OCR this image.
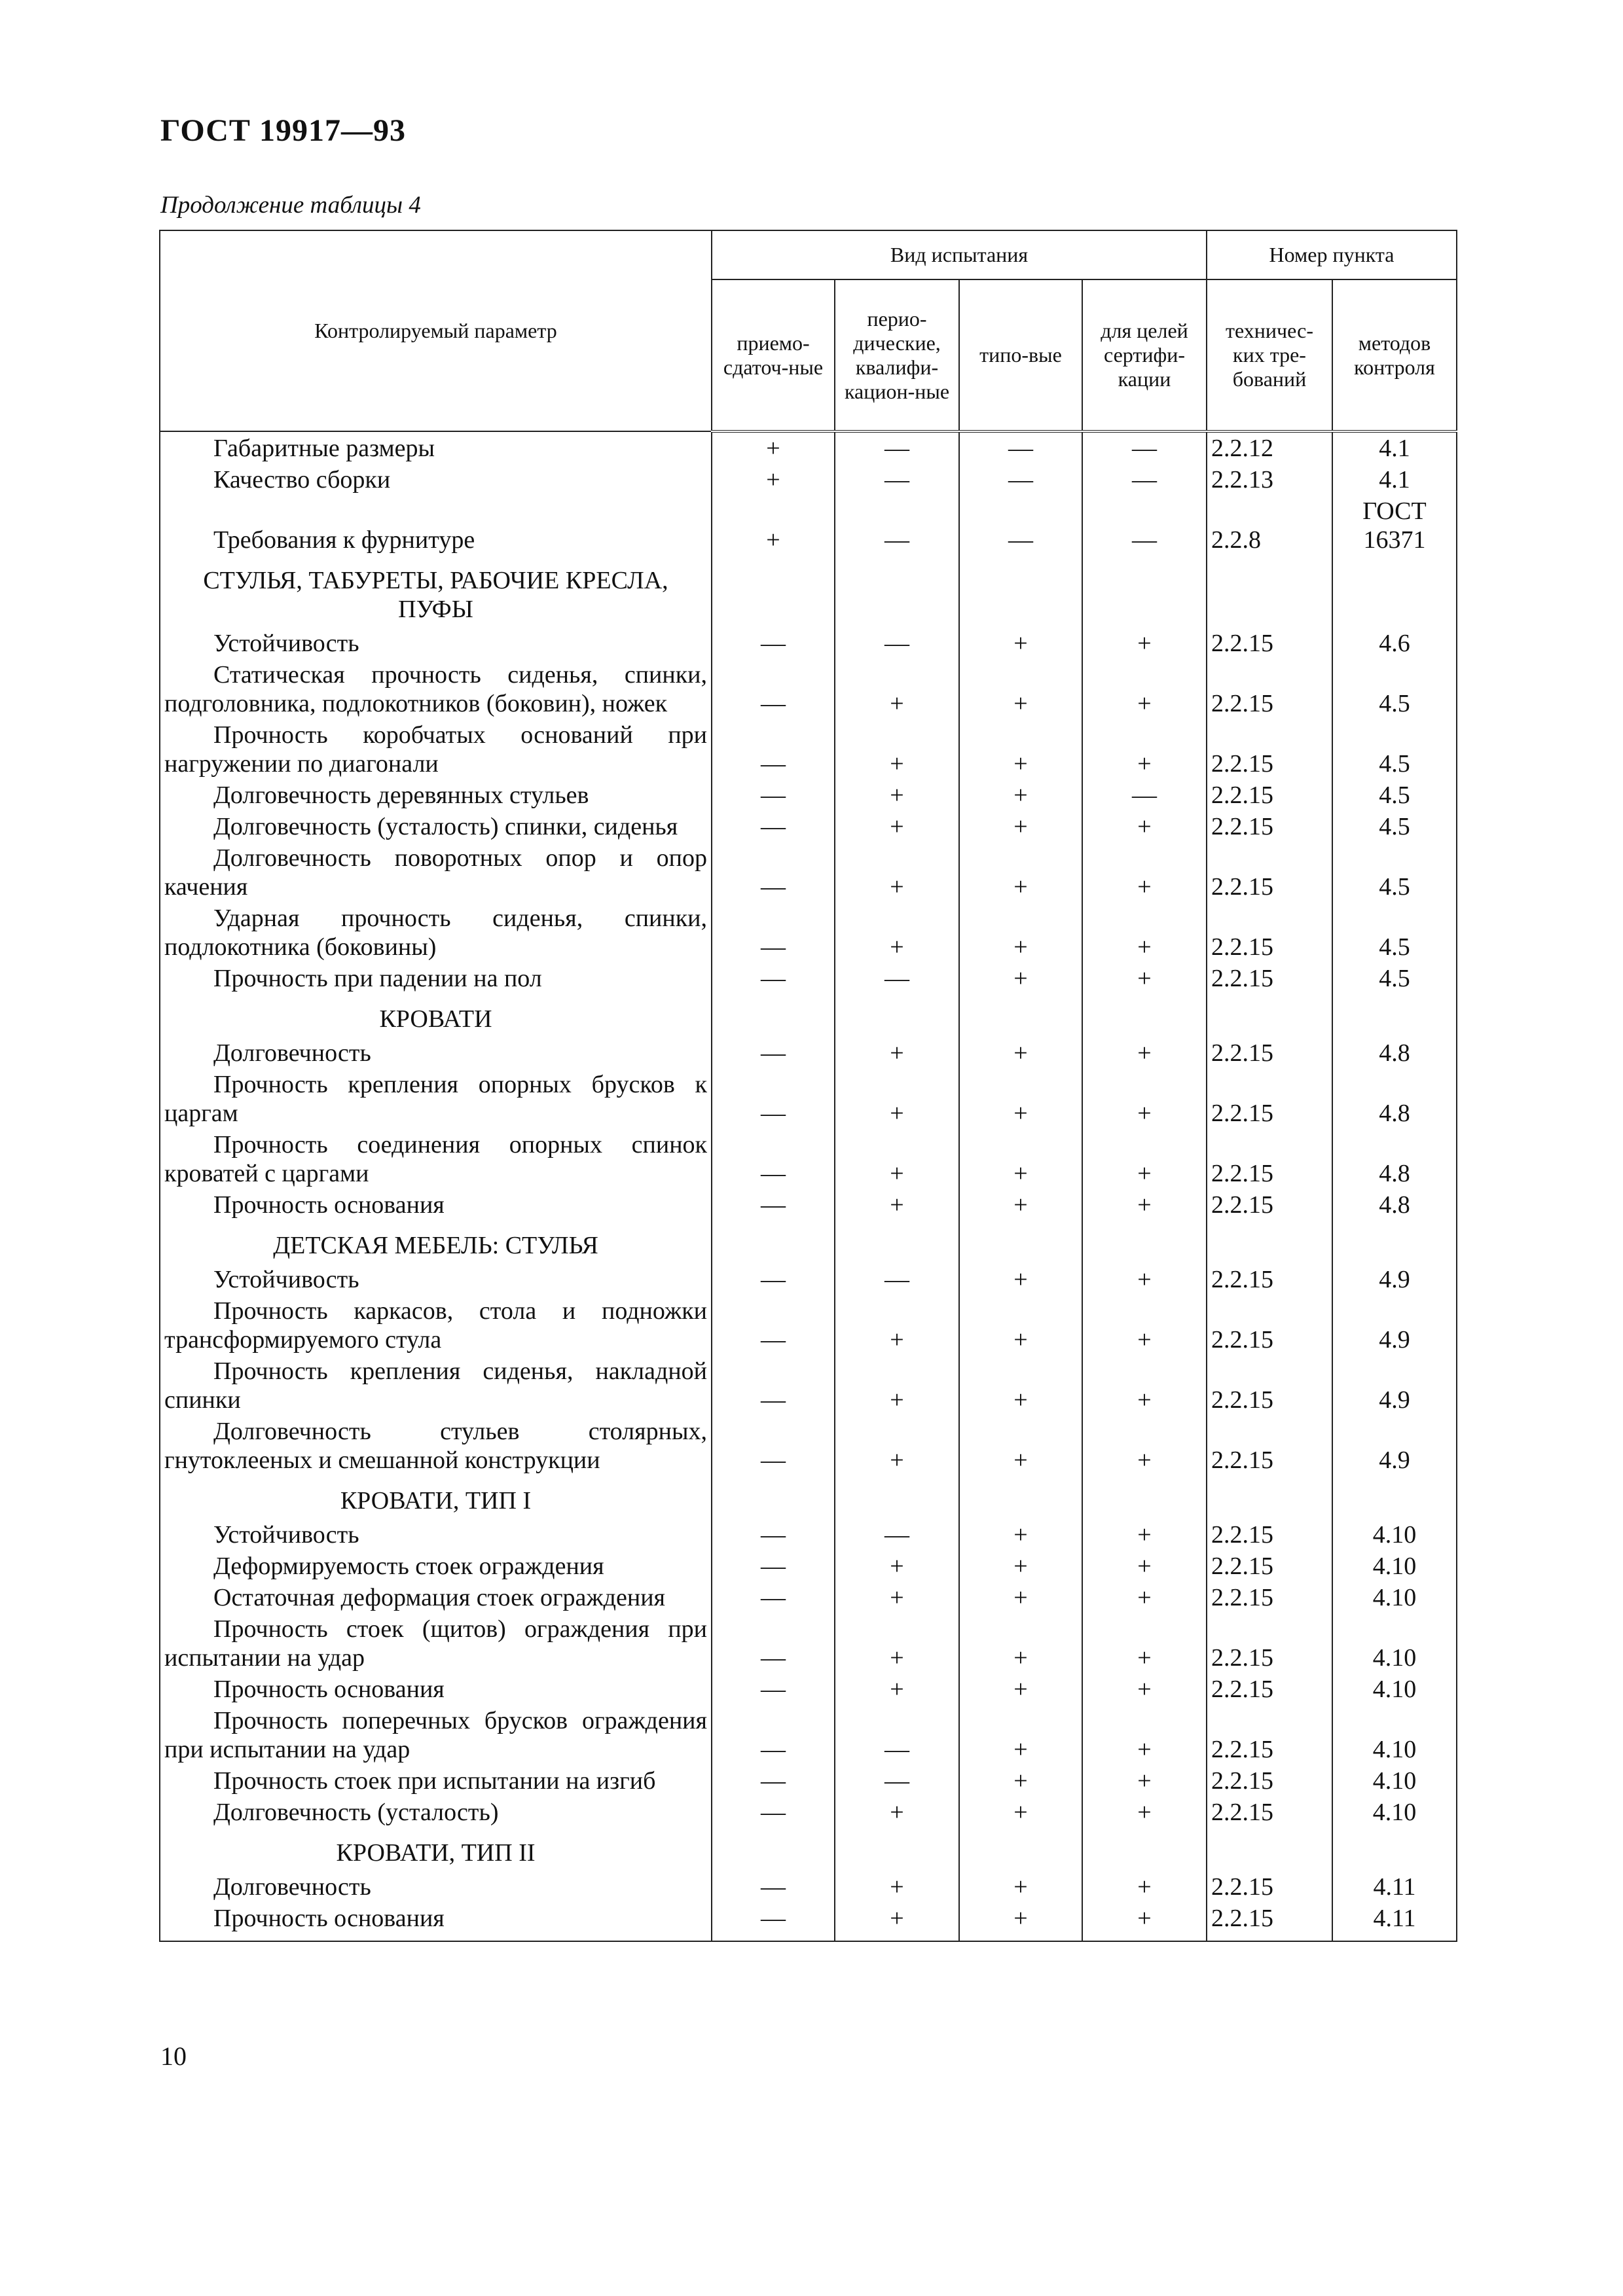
ГОСТ 19917—93
Продолжение таблицы 4
Контролируемый параметр	Вид испытания				Номер пункта	
	приемо-сдаточ-ные	перио-дические, квалифи-кацион-ные	типо-вые	для целей сертифи-кации	техничес-ких тре-бований	методов контроля
Габаритные размеры	+	—	—	—	2.2.12	4.1
Качество сборки	+	—	—	—	2.2.13	4.1
Требования к фурнитуре	+	—	—	—	2.2.8	ГОСТ 16371
СТУЛЬЯ, ТАБУРЕТЫ, РАБОЧИЕ КРЕСЛА, ПУФЫ						
Устойчивость	—	—	+	+	2.2.15	4.6
Статическая прочность сиденья, спинки, подголовника, подлокотников (боковин), ножек	—	+	+	+	2.2.15	4.5
Прочность коробчатых оснований при нагружении по диагонали	—	+	+	+	2.2.15	4.5
Долговечность деревянных стульев	—	+	+	—	2.2.15	4.5
Долговечность (усталость) спинки, сиденья	—	+	+	+	2.2.15	4.5
Долговечность поворотных опор и опор качения	—	+	+	+	2.2.15	4.5
Ударная прочность сиденья, спинки, подлокотника (боковины)	—	+	+	+	2.2.15	4.5
Прочность при падении на пол	—	—	+	+	2.2.15	4.5
КРОВАТИ						
Долговечность	—	+	+	+	2.2.15	4.8
Прочность крепления опорных брусков к царгам	—	+	+	+	2.2.15	4.8
Прочность соединения опорных спинок кроватей с царгами	—	+	+	+	2.2.15	4.8
Прочность основания	—	+	+	+	2.2.15	4.8
ДЕТСКАЯ МЕБЕЛЬ: СТУЛЬЯ						
Устойчивость	—	—	+	+	2.2.15	4.9
Прочность каркасов, стола и подножки трансформируемого стула	—	+	+	+	2.2.15	4.9
Прочность крепления сиденья, накладной спинки	—	+	+	+	2.2.15	4.9
Долговечность стульев столярных, гнутоклееных и смешанной конструкции	—	+	+	+	2.2.15	4.9
КРОВАТИ, ТИП I						
Устойчивость	—	—	+	+	2.2.15	4.10
Деформируемость стоек ограждения	—	+	+	+	2.2.15	4.10
Остаточная деформация стоек ограждения	—	+	+	+	2.2.15	4.10
Прочность стоек (щитов) ограждения при испытании на удар	—	+	+	+	2.2.15	4.10
Прочность основания	—	+	+	+	2.2.15	4.10
Прочность поперечных брусков ограждения при испытании на удар	—	—	+	+	2.2.15	4.10
Прочность стоек при испытании на изгиб	—	—	+	+	2.2.15	4.10
Долговечность (усталость)	—	+	+	+	2.2.15	4.10
КРОВАТИ, ТИП II						
Долговечность	—	+	+	+	2.2.15	4.11
Прочность основания	—	+	+	+	2.2.15	4.11

10
